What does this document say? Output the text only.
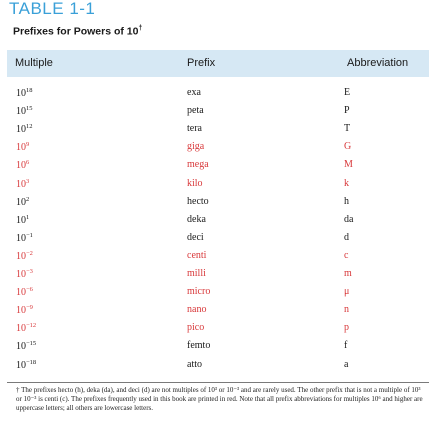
TABLE 1-1
Prefixes for Powers of 10†
Multiple	Prefix	Abbreviation
$10^{18}$	exa	E
$10^{15}$	peta	P
$10^{12}$	tera	T
$10^9$	giga	G
$10^6$	mega	M
$10^3$	kilo	k
$10^2$	hecto	h
$10^1$	deka	da
$10^{-1}$	deci	d
$10^{-2}$	centi	c
$10^{-3}$	milli	m
$10^{-6}$	micro	μ
$10^{-9}$	nano	n
$10^{-12}$	pico	p
$10^{-15}$	femto	f
$10^{-18}$	atto	a
† The prefixes hecto (h), deka (da), and deci (d) are not multiples of 10³ or 10⁻³ and are rarely used. The other prefix that is not a multiple of 10³ or 10⁻³ is centi (c). The prefixes frequently used in this book are printed in red. Note that all prefix abbreviations for multiples 10⁶ and higher are uppercase letters; all others are lowercase letters.
